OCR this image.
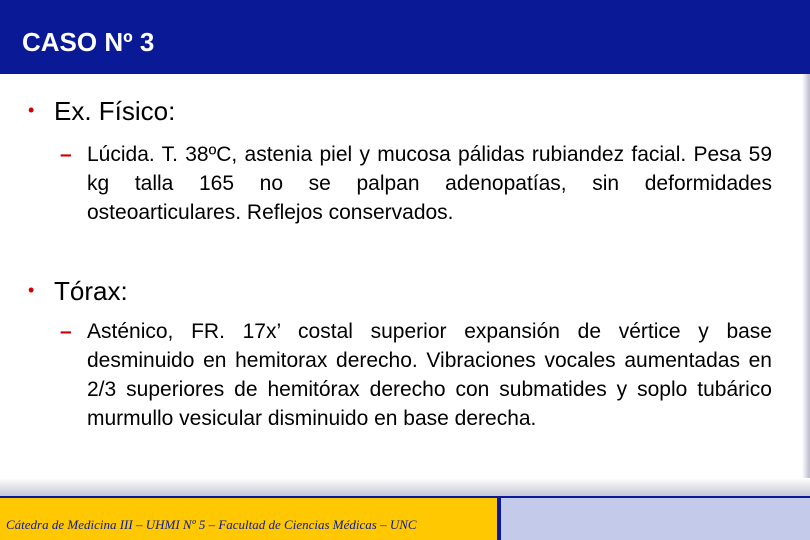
CASO Nº 3
• Ex. Físico:
– Lúcida. T. 38ºC, astenia piel y mucosa pálidas rubiandez facial. Pesa 59 kg talla 165 no se palpan adenopatías, sin deformidades osteoarticulares. Reflejos conservados.
• Tórax:
– Asténico, FR. 17x’ costal superior expansión de vértice y base desminuido en hemitorax derecho. Vibraciones vocales aumentadas en 2/3 superiores de hemitórax derecho con submatides y soplo tubárico murmullo vesicular disminuido en base derecha.
Cátedra de Medicina III – UHMI Nº 5 – Facultad de Ciencias Médicas – UNC
